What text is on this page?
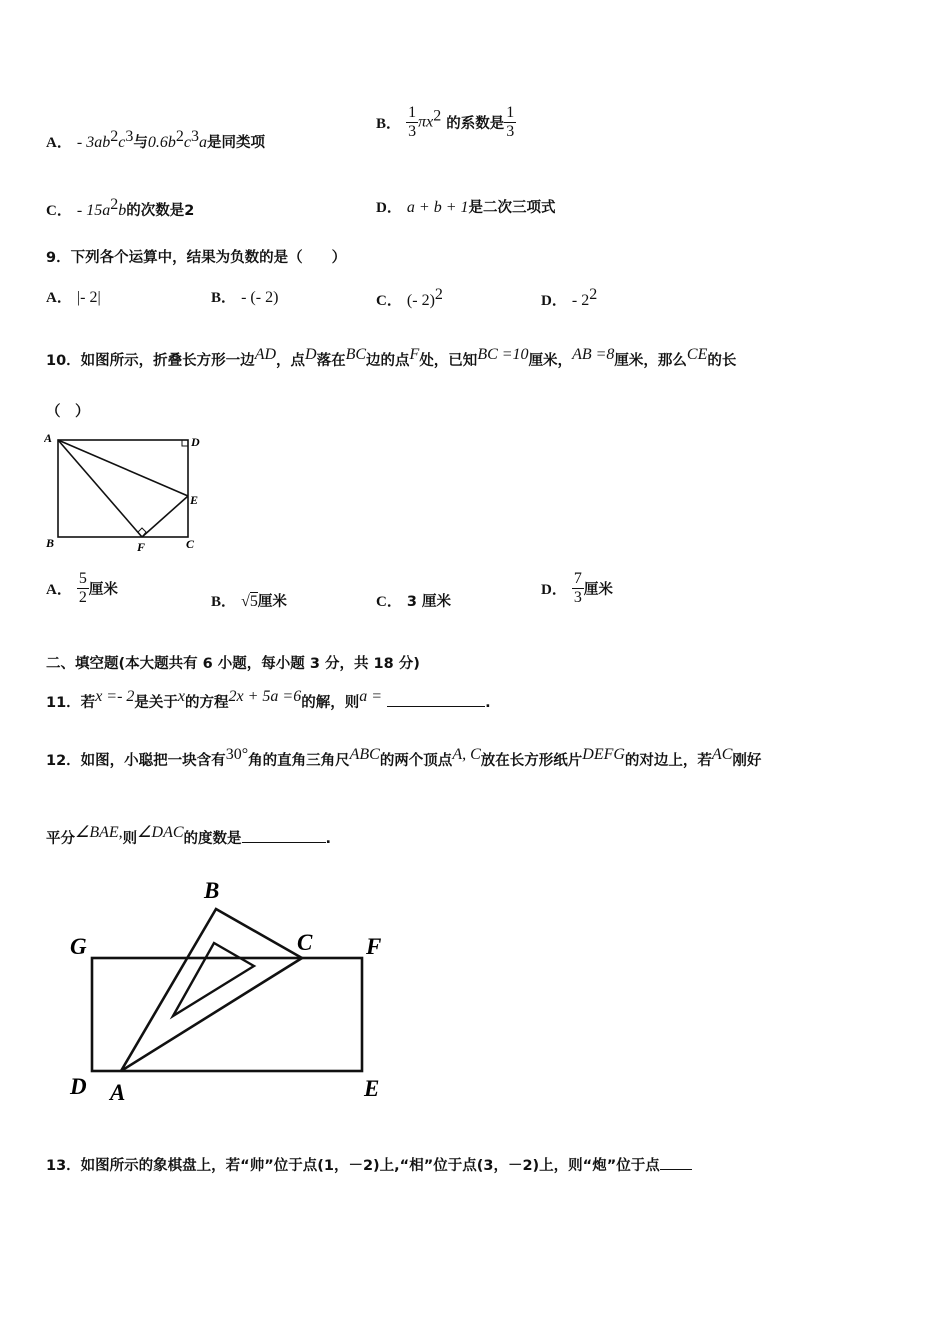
A． - $3ab^2c^3$与$0.6b^2c^3a$是同类项
B． $\frac{1}{3} \pi x^2$ 的系数是 $\frac{1}{3}$
C． - $15a^2b$的次数是2	D． a + b + 1是二次三项式
9．下列各个运算中，结果为负数的是（　　）
A． |- 2|	B． - (- 2)	C． (- 2)$^2$	D． - $2^2$
10．如图所示，折叠长方形一边AD，点D落在BC边的点F处，已知BC =10厘米，AB =8厘米，那么CE的长
（　）
A	D
E
B	F	C
A． $\frac{5}{2}$ 厘米
B． √5厘米	C． 3 厘米
D． $\frac{7}{3}$ 厘米
二、填空题(本大题共有 6 小题，每小题 3 分，共 18 分)
11．若x =- 2是关于x的方程2x + 5a =6的解，则a =	.
12．如图，小聪把一块含有30°角的直角三角尺ABC的两个顶点A, C放在长方形纸片DEFG的对边上，若AC刚好
平分∠BAE,则∠DAC的度数是	.
B
G	C F
D A	E
13．如图所示的象棋盘上，若“帅”位于点(1，－2)上,“相”位于点(3，－2)上，则“炮”位于点
